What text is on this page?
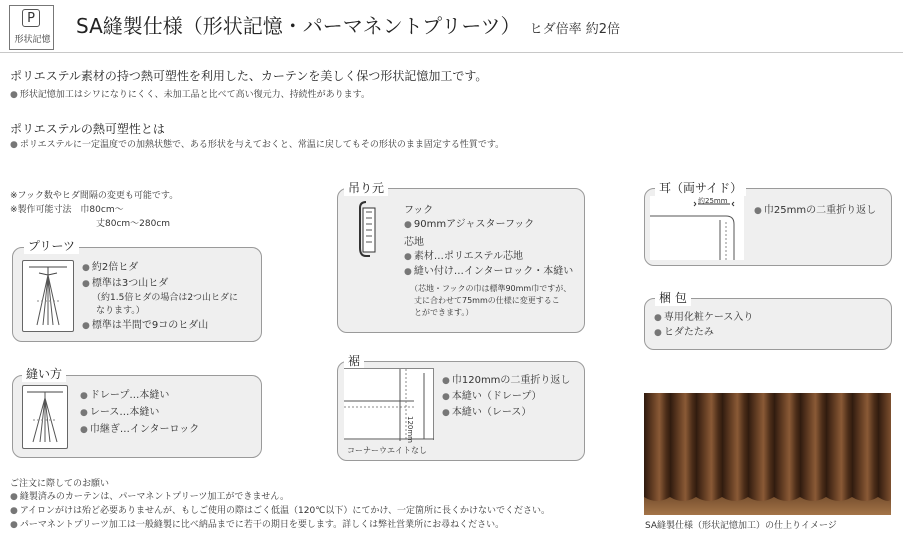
P
形状記憶
SA縫製仕様（形状記憶・パーマネントプリーツ） ヒダ倍率 約2倍
ポリエステル素材の持つ熱可塑性を利用した、カーテンを美しく保つ形状記憶加工です。
● 形状記憶加工はシワになりにくく、未加工品と比べて高い復元力、持続性があります。
ポリエステルの熱可塑性とは
● ポリエステルに一定温度での加熱状態で、ある形状を与えておくと、常温に戻してもその形状のまま固定する性質です。
※フック数やヒダ間隔の変更も可能です。
※製作可能寸法 巾80cm〜
丈80cm〜280cm
プリーツ
● 約2倍ヒダ
● 標準は3つ山ヒダ
（約1.5倍ヒダの場合は2つ山ヒダに
なります。）
● 標準は半間で9コのヒダ山
縫い方
● ドレープ…本縫い
● レース…本縫い
● 巾継ぎ…インターロック
吊り元
フック
● 90mmアジャスターフック
芯地
● 素材…ポリエステル芯地
● 縫い付け…インターロック・本縫い
（芯地・フックの巾は標準90mm巾ですが、
丈に合わせて75mmの仕様に変更するこ
とができます。）
裾
120mm
コーナーウエイトなし
● 巾120mmの二重折り返し
● 本縫い（ドレープ）
● 本縫い（レース）
耳（両サイド）
約25mm
● 巾25mmの二重折り返し
梱 包
● 専用化粧ケース入り
● ヒダたたみ
SA縫製仕様（形状記憶加工）の仕上りイメージ
ご注文に際してのお願い
● 縫製済みのカーテンは、パーマネントプリーツ加工ができません。
● アイロンがけは殆ど必要ありませんが、もしご使用の際はごく低温（120℃以下）にてかけ、一定箇所に長くかけないでください。
● パーマネントプリーツ加工は一般縫製に比べ納品までに若干の期日を要します。詳しくは弊社営業所にお尋ねください。
